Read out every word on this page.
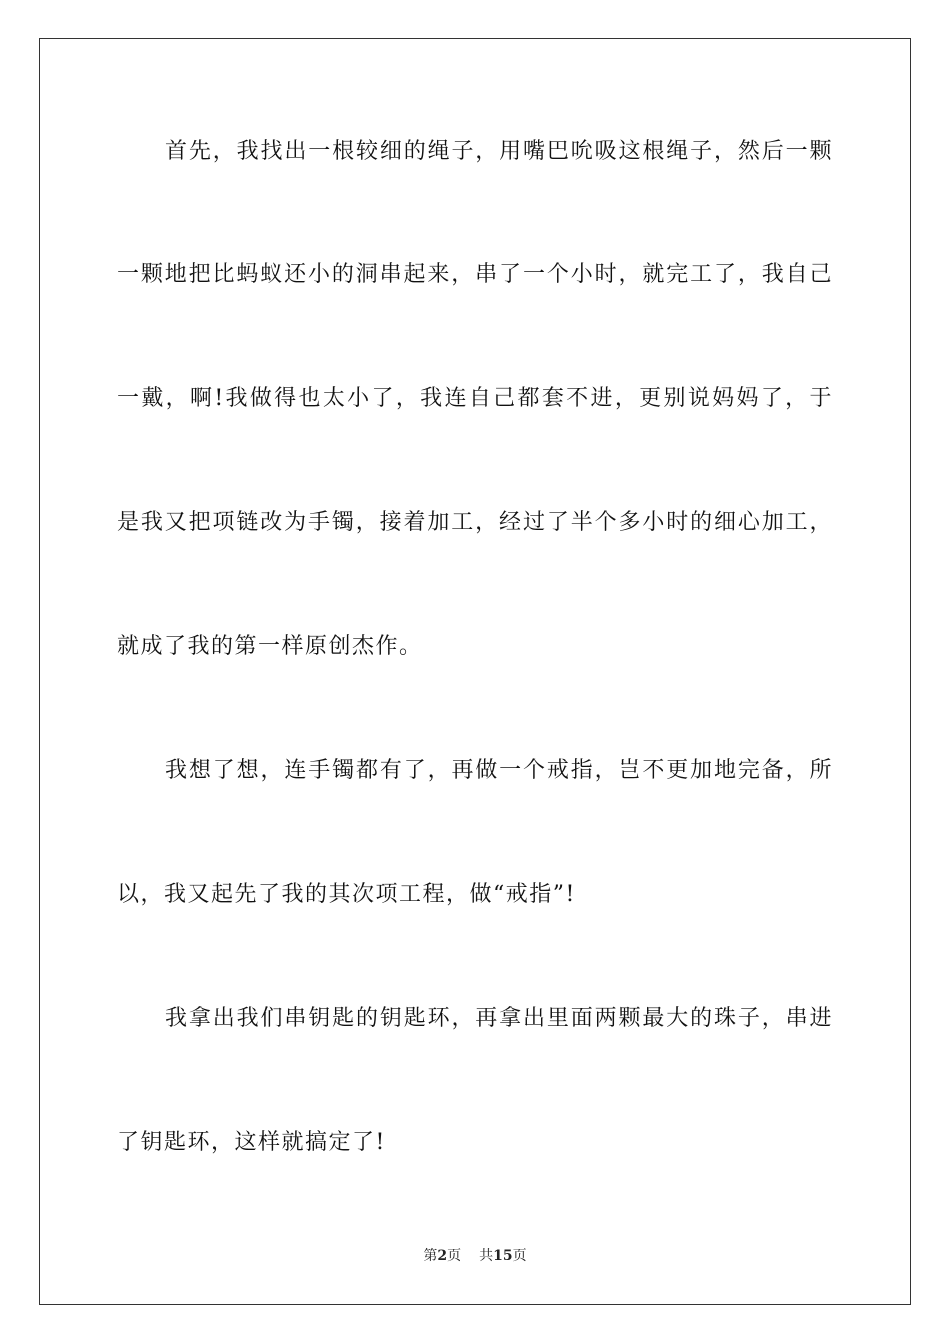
首先，我找出一根较细的绳子，用嘴巴吮吸这根绳子，然后一颗
一颗地把比蚂蚁还小的洞串起来，串了一个小时，就完工了，我自己
一戴，啊!我做得也太小了，我连自己都套不进，更别说妈妈了，于
是我又把项链改为手镯，接着加工，经过了半个多小时的细心加工，
就成了我的第一样原创杰作。
我想了想，连手镯都有了，再做一个戒指，岂不更加地完备，所
以，我又起先了我的其次项工程，做“戒指”!
我拿出我们串钥匙的钥匙环，再拿出里面两颗最大的珠子，串进
了钥匙环，这样就搞定了!
第2页 共15页
